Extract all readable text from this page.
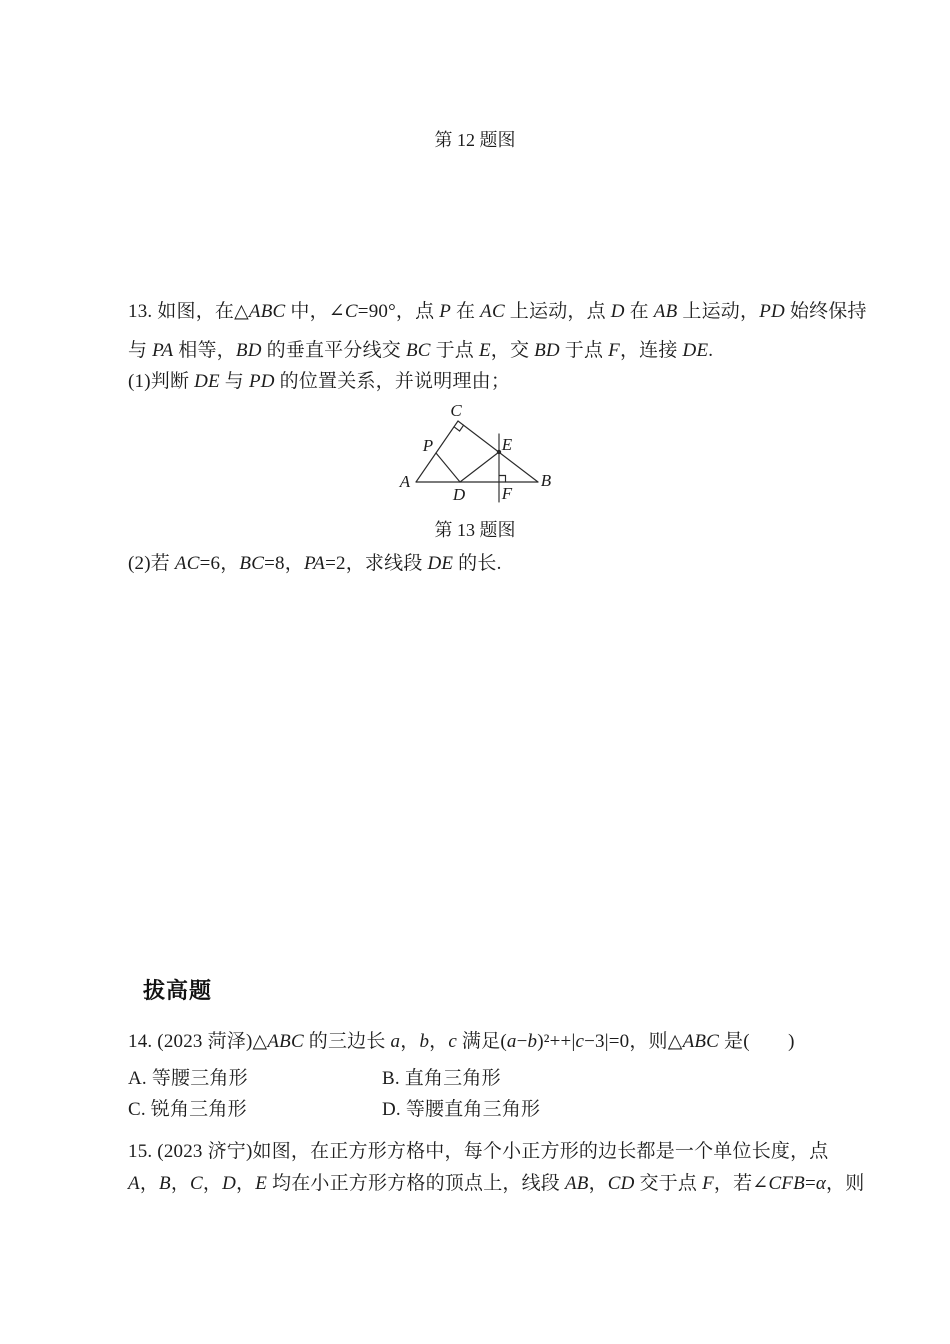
第 12 题图
13. 如图，在△ABC 中，∠C=90°，点 P 在 AC 上运动，点 D 在 AB 上运动，PD 始终保持
与 PA 相等，BD 的垂直平分线交 BC 于点 E，交 BD 于点 F，连接 DE.
(1)判断 DE 与 PD 的位置关系，并说明理由；
C
P	E
A
D F
B
第 13 题图
(2)若 AC=6，BC=8，PA=2，求线段 DE 的长.
拔高题
14. (2023 菏泽)△ABC 的三边长 a，b，c 满足(a−b)²++|c−3|=0，则△ABC 是(　　)
A. 等腰三角形	B. 直角三角形
C. 锐角三角形	D. 等腰直角三角形
15. (2023 济宁)如图，在正方形方格中，每个小正方形的边长都是一个单位长度，点
A，B，C，D，E 均在小正方形方格的顶点上，线段 AB，CD 交于点 F，若∠CFB=α，则
